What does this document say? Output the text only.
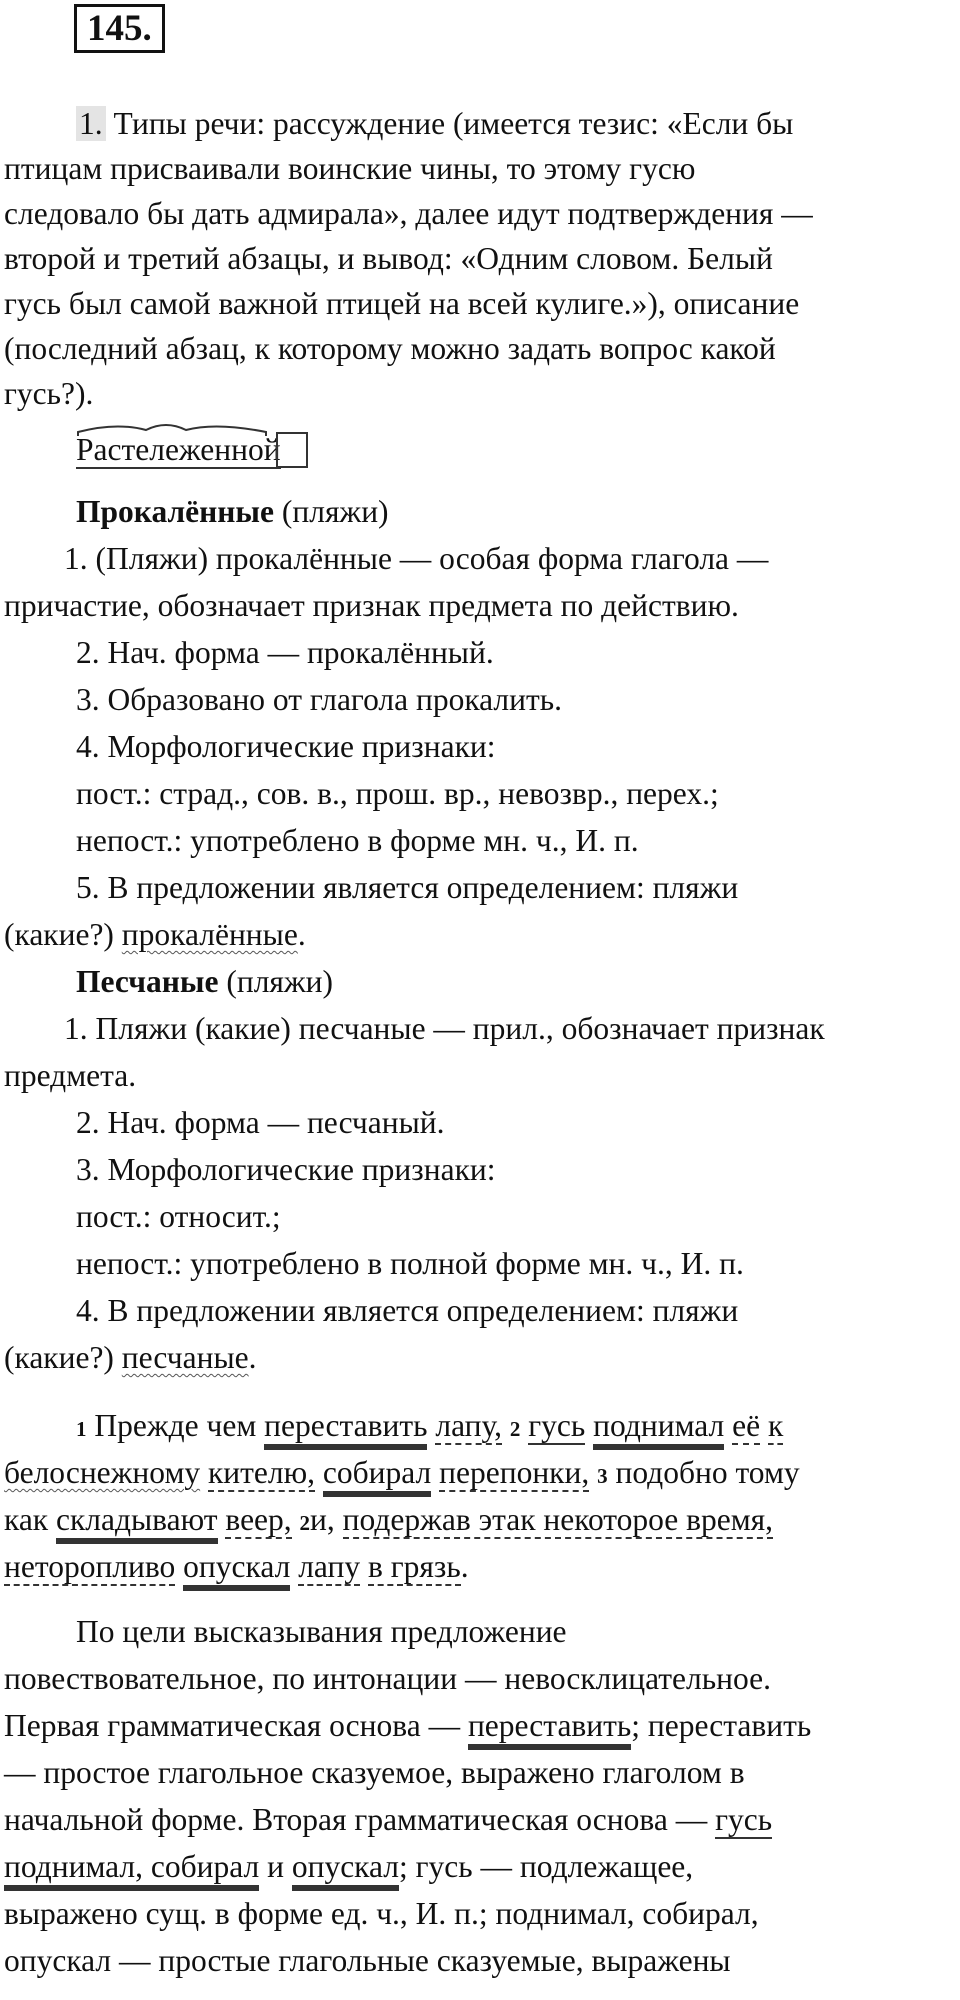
145.
1. Типы речи: рассуждение (имеется тезис: «Если бы
птицам присваивали воинские чины, то этому гусю
следовало бы дать адмирала», далее идут подтверждения —
второй и третий абзацы, и вывод: «Одним словом. Белый
гусь был самой важной птицей на всей кулиге.»), описание
(последний абзац, к которому можно задать вопрос какой
гусь?).
Растележенной
Прокалённые (пляжи)
1. (Пляжи) прокалённые — особая форма глагола —
причастие, обозначает признак предмета по действию.
2. Нач. форма — прокалённый.
3. Образовано от глагола прокалить.
4. Морфологические признаки:
пост.: страд., сов. в., прош. вр., невозвр., перех.;
непост.: употреблено в форме мн. ч., И. п.
5. В предложении является определением: пляжи
(какие?) прокалённые.
Песчаные (пляжи)
1. Пляжи (какие) песчаные — прил., обозначает признак
предмета.
2. Нач. форма — песчаный.
3. Морфологические признаки:
пост.: относит.;
непост.: употреблено в полной форме мн. ч., И. п.
4. В предложении является определением: пляжи
(какие?) песчаные.
1 Прежде чем переставить лапу, 2 гусь поднимал её к
белоснежному кителю, собирал перепонки, 3 подобно тому
как складывают веер, 2и, подержав этак некоторое время,
неторопливо опускал лапу в грязь.
По цели высказывания предложение
повествовательное, по интонации — невосклицательное.
Первая грамматическая основа — переставить; переставить
— простое глагольное сказуемое, выражено глаголом в
начальной форме. Вторая грамматическая основа — гусь
поднимал, собирал и опускал; гусь — подлежащее,
выражено сущ. в форме ед. ч., И. п.; поднимал, собирал,
опускал — простые глагольные сказуемые, выражены
